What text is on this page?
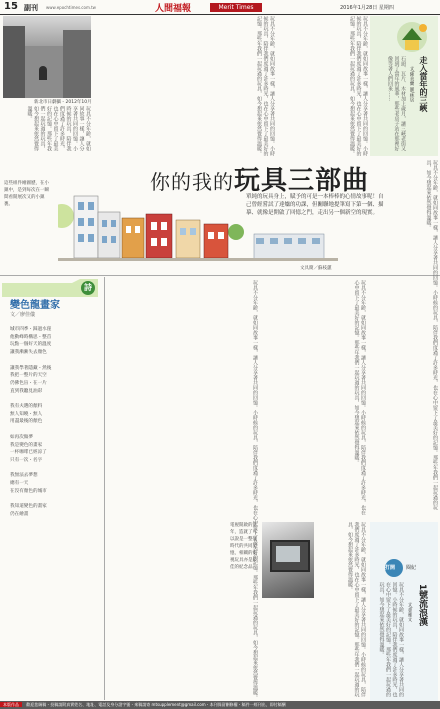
15 副刊 www.epochtimes.com.tw	人間福報	Merit Times	2016年1月28日 星期四
新北市日劇攝 - 2012年10月
玩具不分年齡，就如同故事一樣，讓人分享著共同的回憶。小時候的玩具，陪伴我們度過了許多時光，也在心中留下了最美好的記憶。那些年我們一起玩過的玩具，如今想起來依然覺得溫暖。	玩具不分年齡，就如同故事一樣，讓人分享著共同的回憶。小時候的玩具，陪伴我們度過了許多時光，也在心中留下了最美好的記憶。那些年我們一起玩過的玩具，如今想起來依然覺得溫暖。	玩具不分年齡，就如同故事一樣，讓人分享著共同的回憶。小時候的玩具，陪伴我們度過了許多時光，也在心中留下了最美好的記憶。那些年我們一起玩過的玩具，如今想起來依然覺得溫暖。	走入當年的三峽
文/陳美蘭 圖/林居
石頭、瓦片、木材加上歲月，讓三峽老街又回到了當年的風華，那些老房子站在那裡好像等著人們回來……
你的我的玩具三部曲
單純的玩具身上，賦予的可是一本棒棒的心情故事呢！自己曾經嘗試了達爐的功課，但關聯地提筆寫下第一個、描摹、就像是開啟了回憶之門，走出另一個新空的現實。
這些組件繪圖歷，在小鎮中，是到每次在一瞬間看開展次又的小鎮裏。
文具簡／蘇枝蕙
詩
變色龍畫家
文／廖佳儀
城市四季・踩過水窪
他動峰時構思・整首
玩點一個好天的溫度
讓我漸漸失去顏色

讓我學著隱藏・然後
我把一整片的天空
仍佛色盲・在一片
直到我聽見油彩

我有夫選的顏料
無人知曉・無人
用盡最後的顏色

如再次做夢
我是變色的畫家
一杯咖啡已經涼了
只有一次・名字

我無法去夢想
總有一天
在沒有顏色的城市

我知道變色的畫家
仍在繪畫	玩具不分年齡，就如同故事一樣，讓人分享著共同的回憶。小時候的玩具，陪伴我們度過了許多時光，也在心中留下了最美好的記憶。那些年我們一起玩過的玩具，如今想起來依然覺得溫暖。	玩具不分年齡，就如同故事一樣，讓人分享著共同的回憶。小時候的玩具，陪伴我們度過了許多時光，也在心中留下了最美好的記憶。那些年我們一起玩過的玩具，如今想起來依然覺得溫暖。
玩具不分年齡，就如同故事一樣，讓人分享著共同的回憶。小時候的玩具，陪伴我們度過了許多時光，也在心中留下了最美好的記憶。那些年我們一起玩過的玩具，如今想起來依然覺得溫暖。
玩具不分年齡，就如同故事一樣，讓人分享著共同的回憶。小時候的玩具，陪伴我們度過了許多時光，也在心中留下了最美好的記憶。那些年我們一起玩過的玩具，如今想起來依然覺得溫暖。
電視開啟的童年，造就了可以說是一整個時代的共同記憶，相關的電視玩具亦是最佳的紀念品。	打開 閱紀
1號流浪漢
文/菜雅文
玩具不分年齡，就如同故事一樣，讓人分享著共同的回憶。小時候的玩具，陪伴我們度過了許多時光，也在心中留下了最美好的記憶。那些年我們一起玩過的玩具，如今想起來依然覺得溫暖。
本版作品 歡迎您賜稿・投稿請附真實姓名、地址、電話及身分證字號・來稿請寄 mtsupplement@gmail.com・本刊保留刪修權・稿件一經刊出，即付稿酬
